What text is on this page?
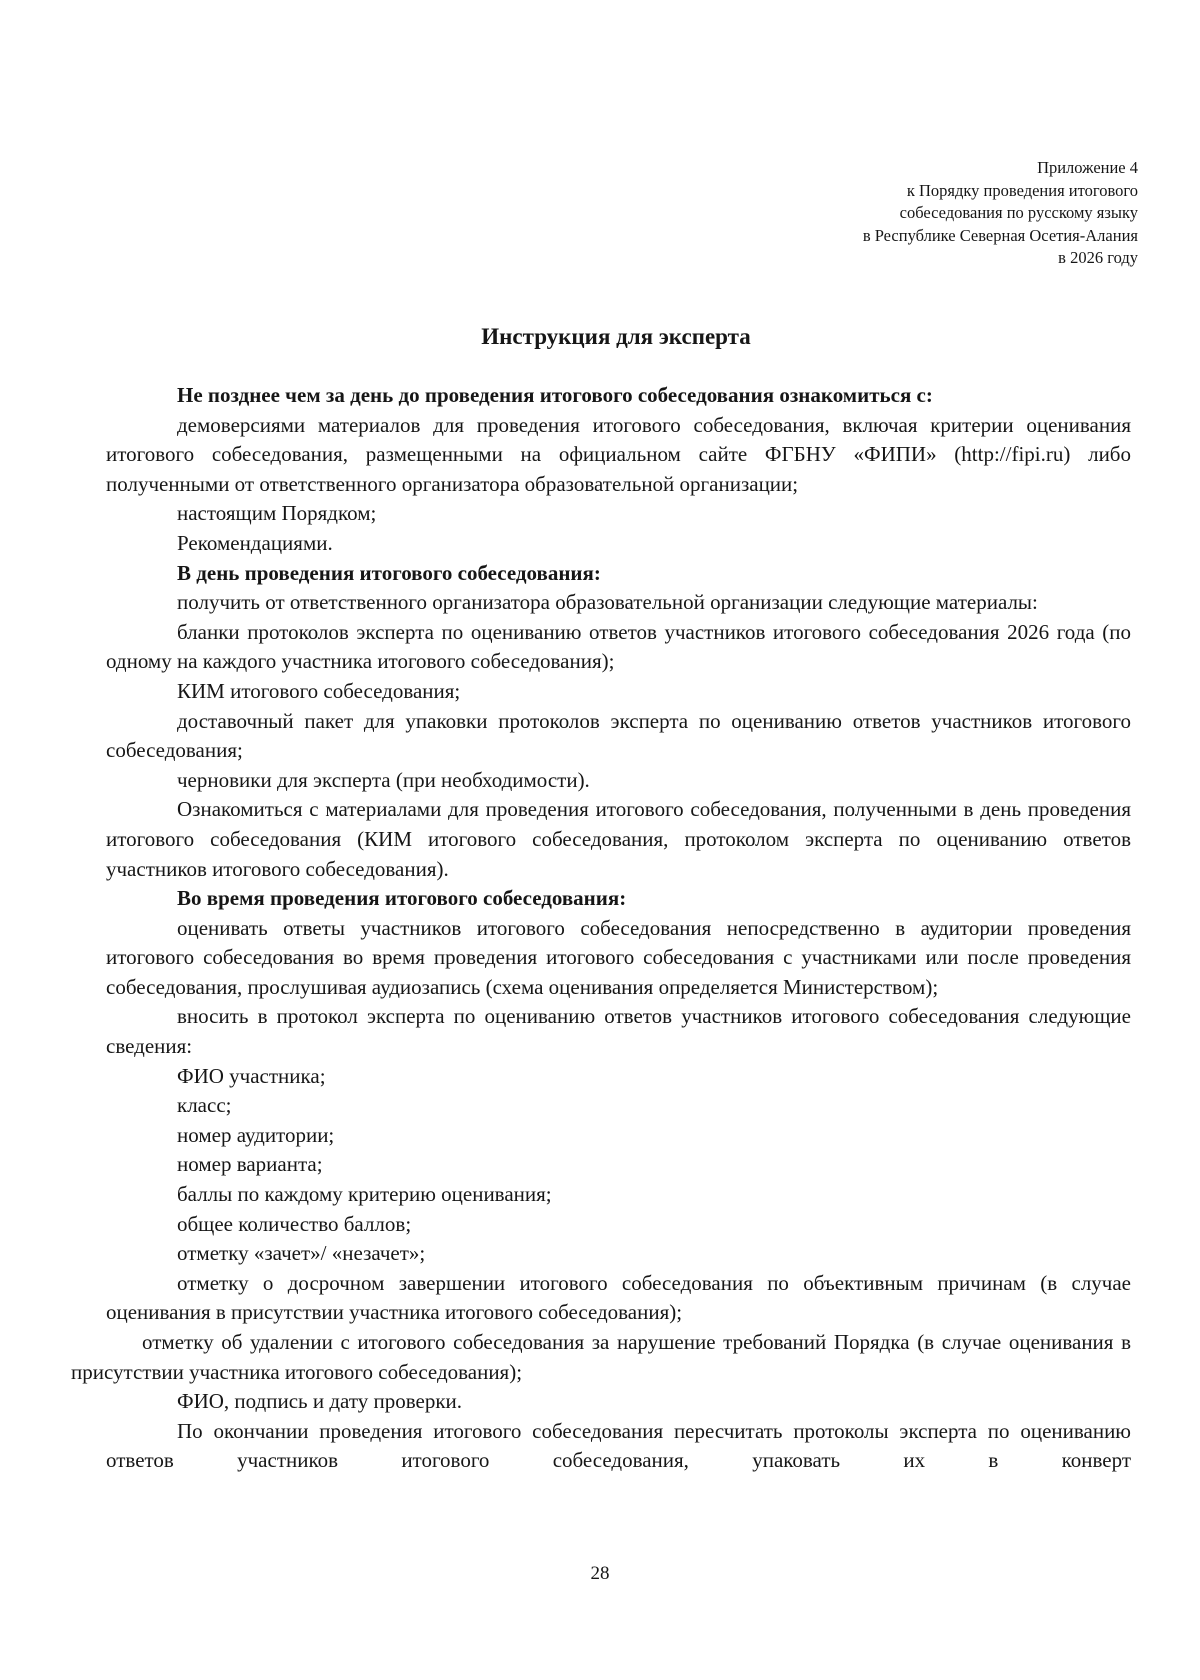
Приложение 4
к Порядку проведения итогового
собеседования по русскому языку
в Республике Северная Осетия-Алания
в 2026 году
Инструкция для эксперта

Не позднее чем за день до проведения итогового собеседования ознакомиться с:

демоверсиями материалов для проведения итогового собеседования, включая критерии оценивания итогового собеседования, размещенными на официальном сайте ФГБНУ «ФИПИ» (http://fipi.ru) либо полученными от ответственного организатора образовательной организации;

настоящим Порядком;

Рекомендациями.

В день проведения итогового собеседования:

получить от ответственного организатора образовательной организации следующие материалы:

бланки протоколов эксперта по оцениванию ответов участников итогового собеседования 2026 года (по одному на каждого участника итогового собеседования);

КИМ итогового собеседования;

доставочный пакет для упаковки протоколов эксперта по оцениванию ответов участников итогового собеседования;

черновики для эксперта (при необходимости).

Ознакомиться с материалами для проведения итогового собеседования, полученными в день проведения итогового собеседования (КИМ итогового собеседования, протоколом эксперта по оцениванию ответов участников итогового собеседования).

Во время проведения итогового собеседования:

оценивать ответы участников итогового собеседования непосредственно в аудитории проведения итогового собеседования во время проведения итогового собеседования с участниками или после проведения собеседования, прослушивая аудиозапись (схема оценивания определяется Министерством);

вносить в протокол эксперта по оцениванию ответов участников итогового собеседования следующие сведения:

ФИО участника;

класс;

номер аудитории;

номер варианта;

баллы по каждому критерию оценивания;

общее количество баллов;

отметку «зачет»/ «незачет»;

отметку о досрочном завершении итогового собеседования по объективным причинам (в случае оценивания в присутствии участника итогового собеседования);

отметку об удалении с итогового собеседования за нарушение требований Порядка (в случае оценивания в присутствии участника итогового собеседования);

ФИО, подпись и дату проверки.

По окончании проведения итогового собеседования пересчитать протоколы эксперта по оцениванию ответов участников итогового собеседования, упаковать их в конверт

28
